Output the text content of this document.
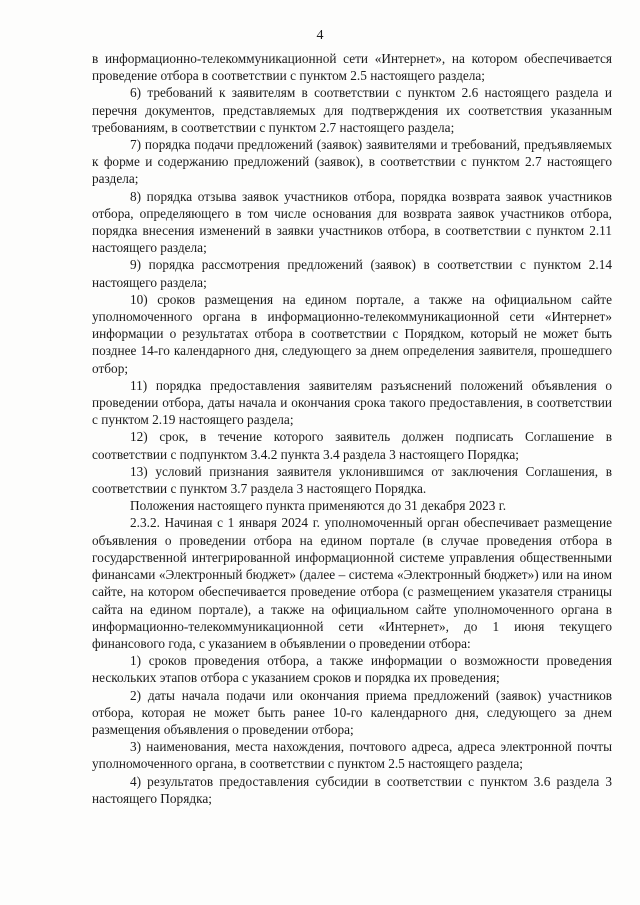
4

в информационно-телекоммуникационной сети «Интернет», на котором обеспечивается проведение отбора в соответствии с пунктом 2.5 настоящего раздела;

6) требований к заявителям в соответствии с пунктом 2.6 настоящего раздела и перечня документов, представляемых для подтверждения их соответствия указанным требованиям, в соответствии с пунктом 2.7 настоящего раздела;

7) порядка подачи предложений (заявок) заявителями и требований, предъявляемых к форме и содержанию предложений (заявок), в соответствии с пунктом 2.7 настоящего раздела;

8) порядка отзыва заявок участников отбора, порядка возврата заявок участников отбора, определяющего в том числе основания для возврата заявок участников отбора, порядка внесения изменений в заявки участников отбора, в соответствии с пунктом 2.11 настоящего раздела;

9) порядка рассмотрения предложений (заявок) в соответствии с пунктом 2.14 настоящего раздела;

10) сроков размещения на едином портале, а также на официальном сайте уполномоченного органа в информационно-телекоммуникационной сети «Интернет» информации о результатах отбора в соответствии с Порядком, который не может быть позднее 14-го календарного дня, следующего за днем определения заявителя, прошедшего отбор;

11) порядка предоставления заявителям разъяснений положений объявления о проведении отбора, даты начала и окончания срока такого предоставления, в соответствии с пунктом 2.19 настоящего раздела;

12) срок, в течение которого заявитель должен подписать Соглашение в соответствии с подпунктом 3.4.2 пункта 3.4 раздела 3 настоящего Порядка;

13) условий признания заявителя уклонившимся от заключения Соглашения, в соответствии с пунктом 3.7 раздела 3 настоящего Порядка.

Положения настоящего пункта применяются до 31 декабря 2023 г.

2.3.2. Начиная с 1 января 2024 г. уполномоченный орган обеспечивает размещение объявления о проведении отбора на едином портале (в случае проведения отбора в государственной интегрированной информационной системе управления общественными финансами «Электронный бюджет» (далее – система «Электронный бюджет») или на ином сайте, на котором обеспечивается проведение отбора (с размещением указателя страницы сайта на едином портале), а также на официальном сайте уполномоченного органа в информационно-телекоммуникационной сети «Интернет», до 1 июня текущего финансового года, с указанием в объявлении о проведении отбора:

1) сроков проведения отбора, а также информации о возможности проведения нескольких этапов отбора с указанием сроков и порядка их проведения;

2) даты начала подачи или окончания приема предложений (заявок) участников отбора, которая не может быть ранее 10-го календарного дня, следующего за днем размещения объявления о проведении отбора;

3) наименования, места нахождения, почтового адреса, адреса электронной почты уполномоченного органа, в соответствии с пунктом 2.5 настоящего раздела;

4) результатов предоставления субсидии в соответствии с пунктом 3.6 раздела 3 настоящего Порядка;
